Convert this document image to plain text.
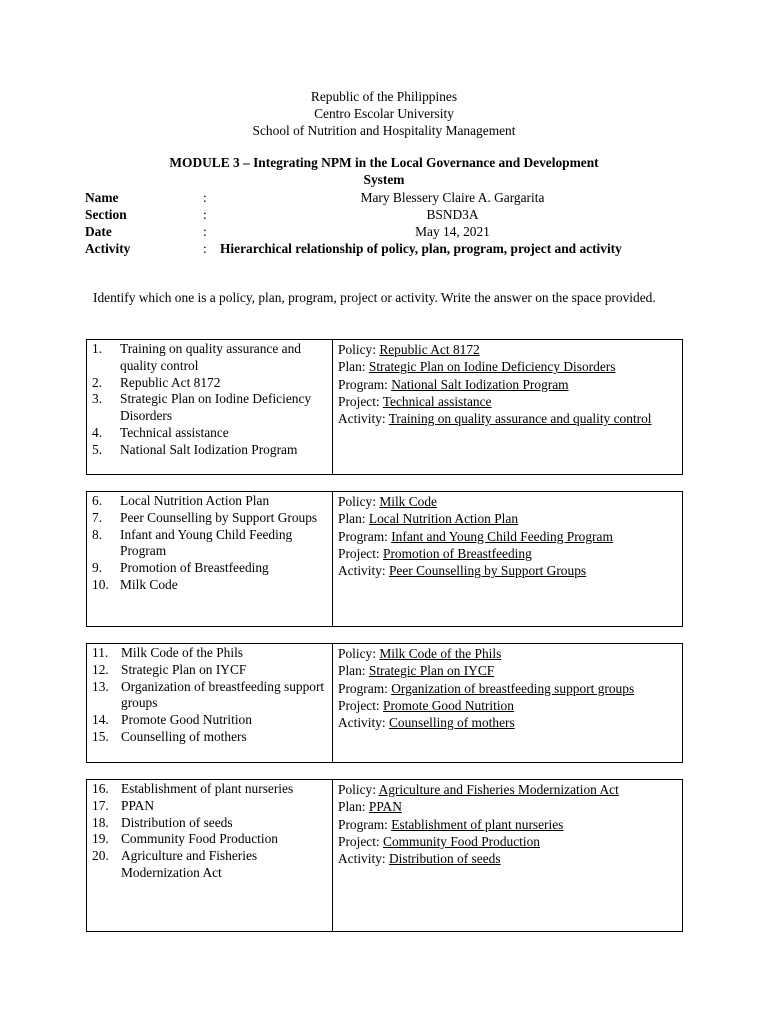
Republic of the Philippines
Centro Escolar University
School of Nutrition and Hospitality Management
MODULE 3 – Integrating NPM in the Local Governance and Development System
Name	:	Mary Blessery Claire A. Gargarita
Section	:	BSND3A
Date	:	May 14, 2021
Activity	: Hierarchical relationship of policy, plan, program, project and activity
Identify which one is a policy, plan, program, project or activity. Write the answer on the space provided.
1. Training on quality assurance and quality control
2. Republic Act 8172
3. Strategic Plan on Iodine Deficiency Disorders
4. Technical assistance
5. National Salt Iodization Program
Policy: Republic Act 8172
Plan: Strategic Plan on Iodine Deficiency Disorders
Program: National Salt Iodization Program
Project: Technical assistance
Activity: Training on quality assurance and quality control
6. Local Nutrition Action Plan
7. Peer Counselling by Support Groups
8. Infant and Young Child Feeding Program
9. Promotion of Breastfeeding
10. Milk Code
Policy: Milk Code
Plan: Local Nutrition Action Plan
Program: Infant and Young Child Feeding Program
Project: Promotion of Breastfeeding
Activity: Peer Counselling by Support Groups
11. Milk Code of the Phils
12. Strategic Plan on IYCF
13. Organization of breastfeeding support groups
14. Promote Good Nutrition
15. Counselling of mothers
Policy: Milk Code of the Phils
Plan: Strategic Plan on IYCF
Program: Organization of breastfeeding support groups
Project: Promote Good Nutrition
Activity: Counselling of mothers
16. Establishment of plant nurseries
17. PPAN
18. Distribution of seeds
19. Community Food Production
20. Agriculture and Fisheries Modernization Act
Policy: Agriculture and Fisheries Modernization Act
Plan: PPAN
Program: Establishment of plant nurseries
Project: Community Food Production
Activity: Distribution of seeds
